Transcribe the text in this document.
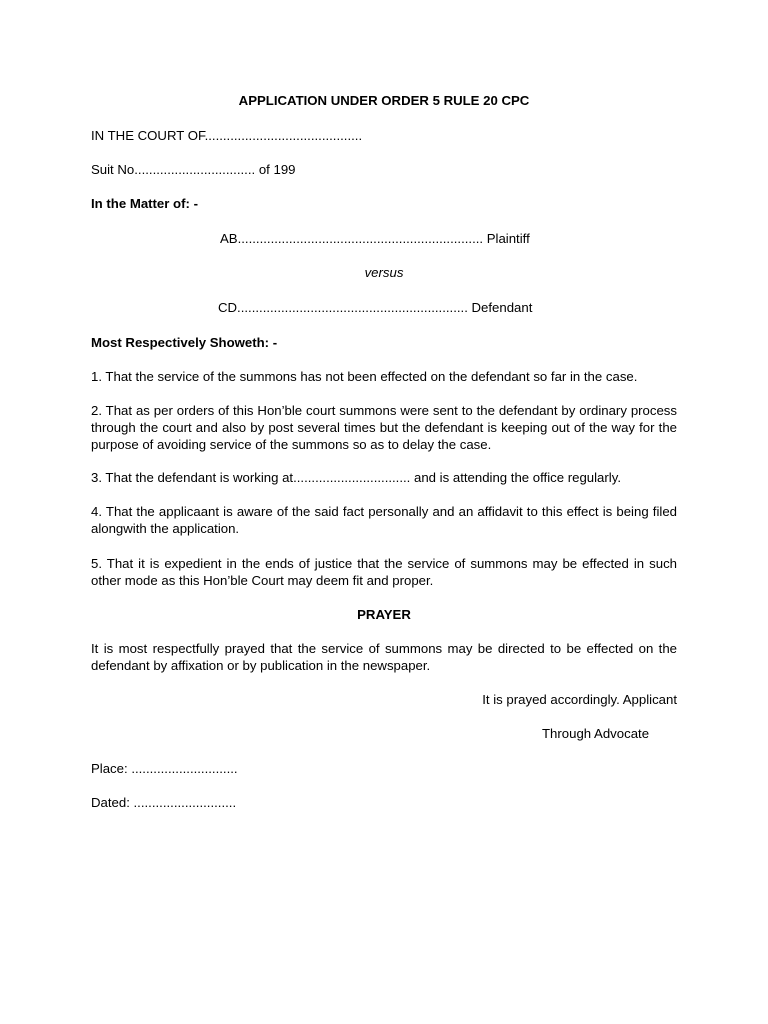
APPLICATION UNDER ORDER 5 RULE 20 CPC
IN THE COURT OF...........................................
Suit No................................. of 199
In the Matter of: -
AB................................................................... Plaintiff
versus
CD............................................................... Defendant
Most Respectively Showeth: -
1. That the service of the summons has not been effected on the defendant so far in the case.
2. That as per orders of this Hon’ble court summons were sent to the defendant by ordinary process through the court and also by post several times but the defendant is keeping out of the way for the purpose of avoiding service of the summons so as to delay the case.
3. That the defendant is working at................................ and is attending the office regularly.
4. That the applicaant is aware of the said fact personally and an affidavit to this effect is being filed alongwith the application.
5. That it is expedient in the ends of justice that the service of summons may be effected in such other mode as this Hon’ble Court may deem fit and proper.
PRAYER
It is most respectfully prayed that the service of summons may be directed to be effected on the defendant by affixation or by publication in the newspaper.
It is prayed accordingly. Applicant
Through Advocate
Place: .............................
Dated: ............................
